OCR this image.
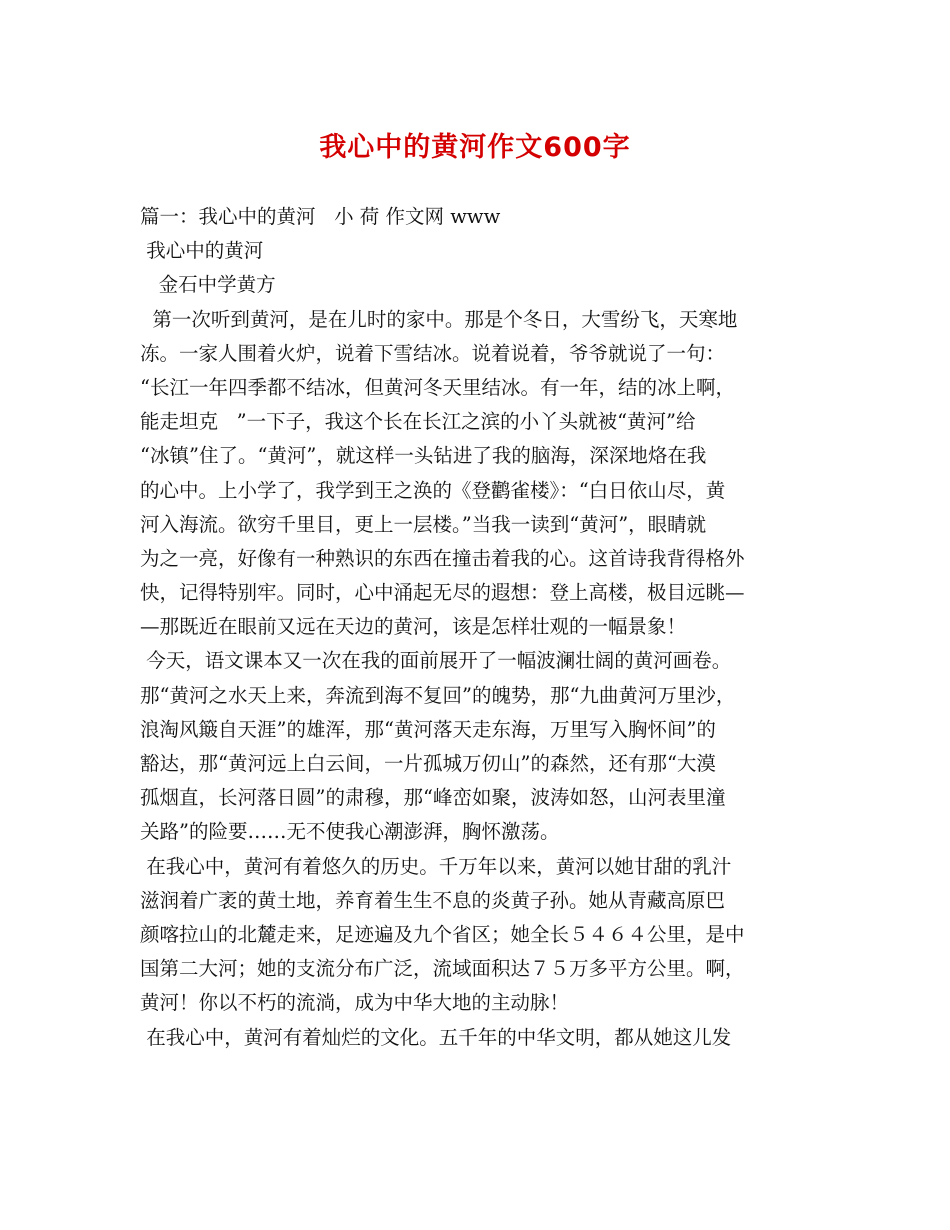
我心中的黄河作文600字
篇一：我心中的黄河   小 荷 作文网 www
我心中的黄河
金石中学黄方
第一次听到黄河，是在儿时的家中。那是个冬日，大雪纷飞，天寒地
冻。一家人围着火炉，说着下雪结冰。说着说着，爷爷就说了一句：
“长江一年四季都不结冰，但黄河冬天里结冰。有一年，结的冰上啊，
能走坦克   ”一下子，我这个长在长江之滨的小丫头就被“黄河”给
“冰镇”住了。“黄河”，就这样一头钻进了我的脑海，深深地烙在我
的心中。上小学了，我学到王之涣的《登鹳雀楼》：“白日依山尽，黄
河入海流。欲穷千里目，更上一层楼。”当我一读到“黄河”，眼睛就
为之一亮，好像有一种熟识的东西在撞击着我的心。这首诗我背得格外
快，记得特别牢。同时，心中涌起无尽的遐想：登上高楼，极目远眺—
—那既近在眼前又远在天边的黄河，该是怎样壮观的一幅景象！
今天，语文课本又一次在我的面前展开了一幅波澜壮阔的黄河画卷。
那“黄河之水天上来，奔流到海不复回”的魄势，那“九曲黄河万里沙，
浪淘风簸自天涯”的雄浑，那“黄河落天走东海，万里写入胸怀间”的
豁达，那“黄河远上白云间，一片孤城万仞山”的森然，还有那“大漠
孤烟直，长河落日圆”的肃穆，那“峰峦如聚，波涛如怒，山河表里潼
关路”的险要……无不使我心潮澎湃，胸怀激荡。
在我心中，黄河有着悠久的历史。千万年以来，黄河以她甘甜的乳汁
滋润着广袤的黄土地，养育着生生不息的炎黄子孙。她从青藏高原巴
颜喀拉山的北麓走来，足迹遍及九个省区；她全长５４６４公里，是中
国第二大河；她的支流分布广泛，流域面积达７５万多平方公里。啊，
黄河！你以不朽的流淌，成为中华大地的主动脉！
在我心中，黄河有着灿烂的文化。五千年的中华文明，都从她这儿发
